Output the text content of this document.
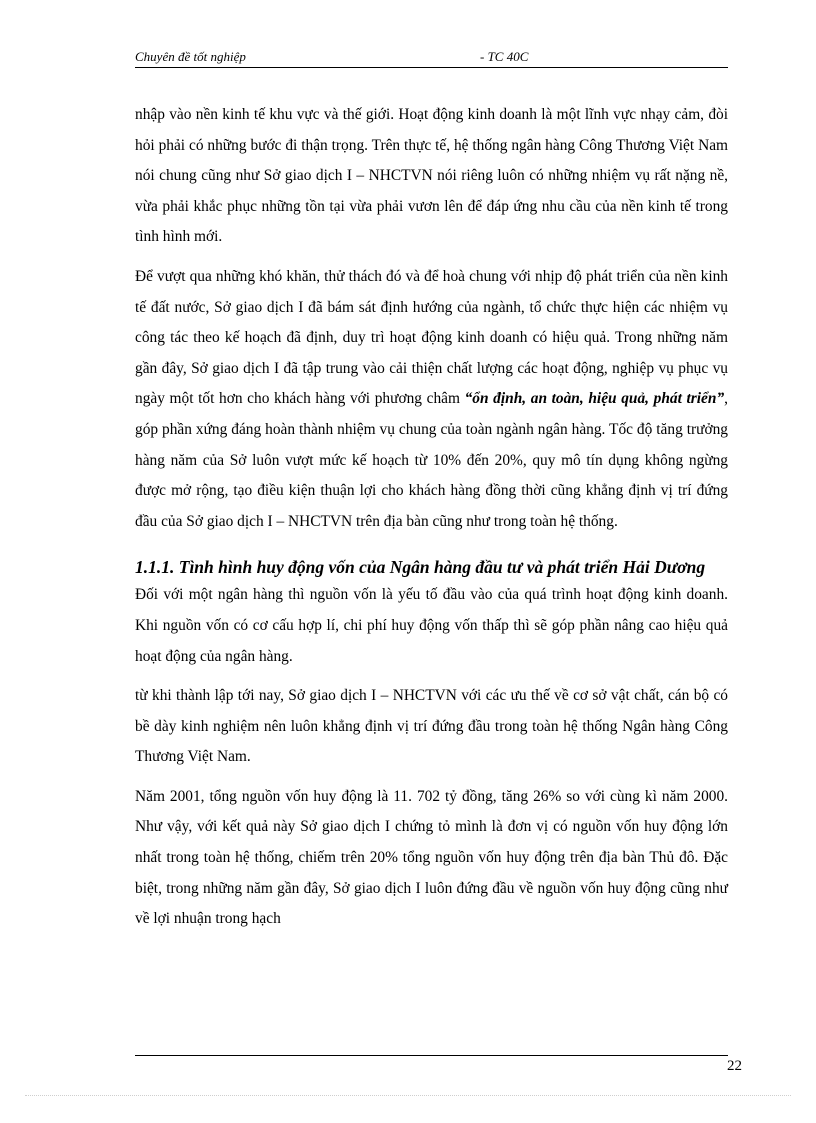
Chuyên đề tốt nghiệp	- TC 40C

nhập vào nền kinh tế khu vực và thế giới. Hoạt động kinh doanh là một lĩnh vực nhạy cảm, đòi hỏi phải có những bước đi thận trọng. Trên thực tế, hệ thống ngân hàng Công Thương Việt Nam nói chung cũng như Sở giao dịch I – NHCTVN nói riêng luôn có những nhiệm vụ rất nặng nề, vừa phải khắc phục những tồn tại vừa phải vươn lên để đáp ứng nhu cầu của nền kinh tế trong tình hình mới.

Để vượt qua những khó khăn, thử thách đó và để hoà chung với nhịp độ phát triển của nền kinh tế đất nước, Sở giao dịch I đã bám sát định hướng của ngành, tổ chức thực hiện các nhiệm vụ công tác theo kế hoạch đã định, duy trì hoạt động kinh doanh có hiệu quả. Trong những năm gần đây, Sở giao dịch I đã tập trung vào cải thiện chất lượng các hoạt động, nghiệp vụ phục vụ ngày một tốt hơn cho khách hàng với phương châm “ổn định, an toàn, hiệu quả, phát triển”, góp phần xứng đáng hoàn thành nhiệm vụ chung của toàn ngành ngân hàng. Tốc độ tăng trưởng hàng năm của Sở luôn vượt mức kế hoạch từ 10% đến 20%, quy mô tín dụng không ngừng được mở rộng, tạo điều kiện thuận lợi cho khách hàng đồng thời cũng khẳng định vị trí đứng đầu của Sở giao dịch I – NHCTVN trên địa bàn cũng như trong toàn hệ thống.

1.1.1. Tình hình huy động vốn của Ngân hàng đầu tư và phát triển Hải Dương

Đối với một ngân hàng thì nguồn vốn là yếu tố đầu vào của quá trình hoạt động kinh doanh. Khi nguồn vốn có cơ cấu hợp lí, chi phí huy động vốn thấp thì sẽ góp phần nâng cao hiệu quả hoạt động của ngân hàng.

từ khi thành lập tới nay, Sở giao dịch I – NHCTVN với các ưu thế về cơ sở vật chất, cán bộ có bề dày kinh nghiệm nên luôn khẳng định vị trí đứng đầu trong toàn hệ thống Ngân hàng Công Thương Việt Nam.

Năm 2001, tổng nguồn vốn huy động là 11. 702 tỷ đồng, tăng 26% so với cùng kì năm 2000. Như vậy, với kết quả này Sở giao dịch I chứng tỏ mình là đơn vị có nguồn vốn huy động lớn nhất trong toàn hệ thống, chiếm trên 20% tổng nguồn vốn huy động trên địa bàn Thủ đô. Đặc biệt, trong những năm gần đây, Sở giao dịch I luôn đứng đầu về nguồn vốn huy động cũng như về lợi nhuận trong hạch

22
